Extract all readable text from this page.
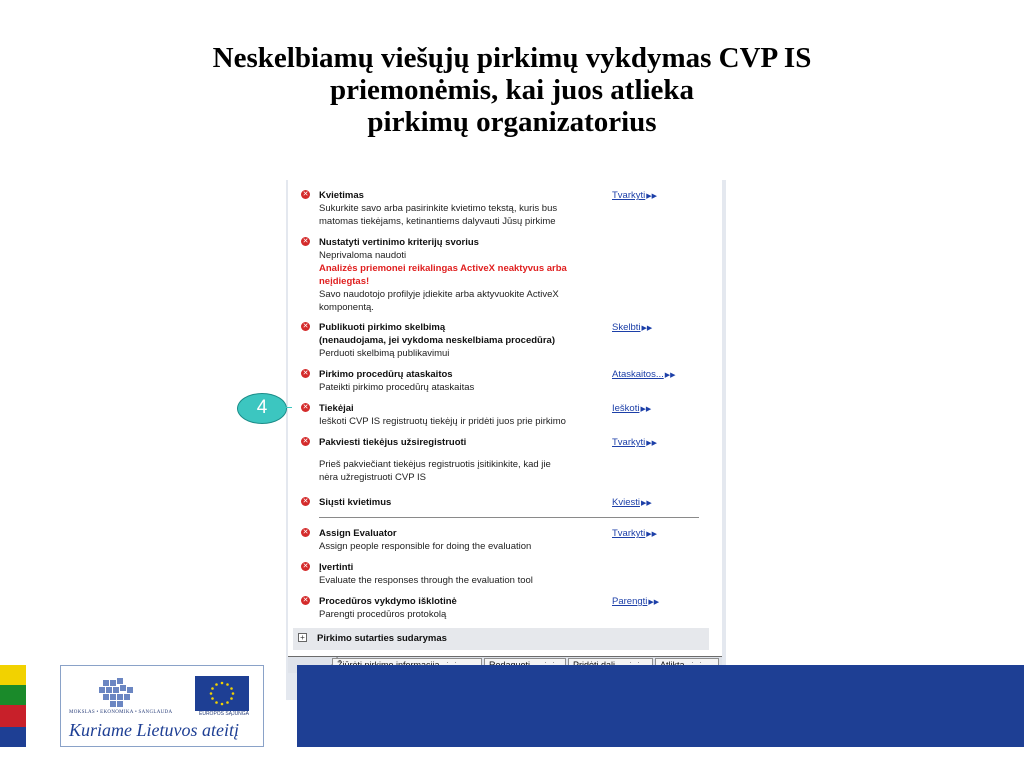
Neskelbiamų viešųjų pirkimų vykdymas CVP IS
priemonėmis, kai juos atlieka
pirkimų organizatorius
✕ Kvietimas
Sukurkite savo arba pasirinkite kvietimo tekstą, kuris bus
matomas tiekėjams, ketinantiems dalyvauti Jūsų pirkime
Tvarkyti▶▶
✕ Nustatyti vertinimo kriterijų svorius
Neprivaloma naudoti
Analizės priemonei reikalingas ActiveX neaktyvus arba
neįdiegtas!
Savo naudotojo profilyje įdiekite arba aktyvuokite ActiveX
komponentą.
✕ Publikuoti pirkimo skelbimą
(nenaudojama, jei vykdoma neskelbiama procedūra)
Perduoti skelbimą publikavimui
Skelbti▶▶
✕ Pirkimo procedūrų ataskaitos
Pateikti pirkimo procedūrų ataskaitas
Ataskaitos...▶▶
✕ Tiekėjai
Ieškoti CVP IS registruotų tiekėjų ir pridėti juos prie pirkimo
Ieškoti▶▶
✕ Pakviesti tiekėjus užsiregistruoti
Prieš pakviečiant tiekėjus registruotis įsitikinkite, kad jie
nėra užregistruoti CVP IS
Tvarkyti▶▶
✕ Siųsti kvietimus	Kviesti▶▶
✕ Assign Evaluator
Assign people responsible for doing the evaluation
Tvarkyti▶▶
✕ Įvertinti
Evaluate the responses through the evaluation tool
✕ Procedūros vykdymo išklotinė
Parengti procedūros protokolą
Parengti▶▶
+ Pirkimo sutarties sudarymas
4
MOKSLAS • EKONOMIKA • SANGLAUDA	EUROPOS SĄJUNGA
Kuriame Lietuvos ateitį
